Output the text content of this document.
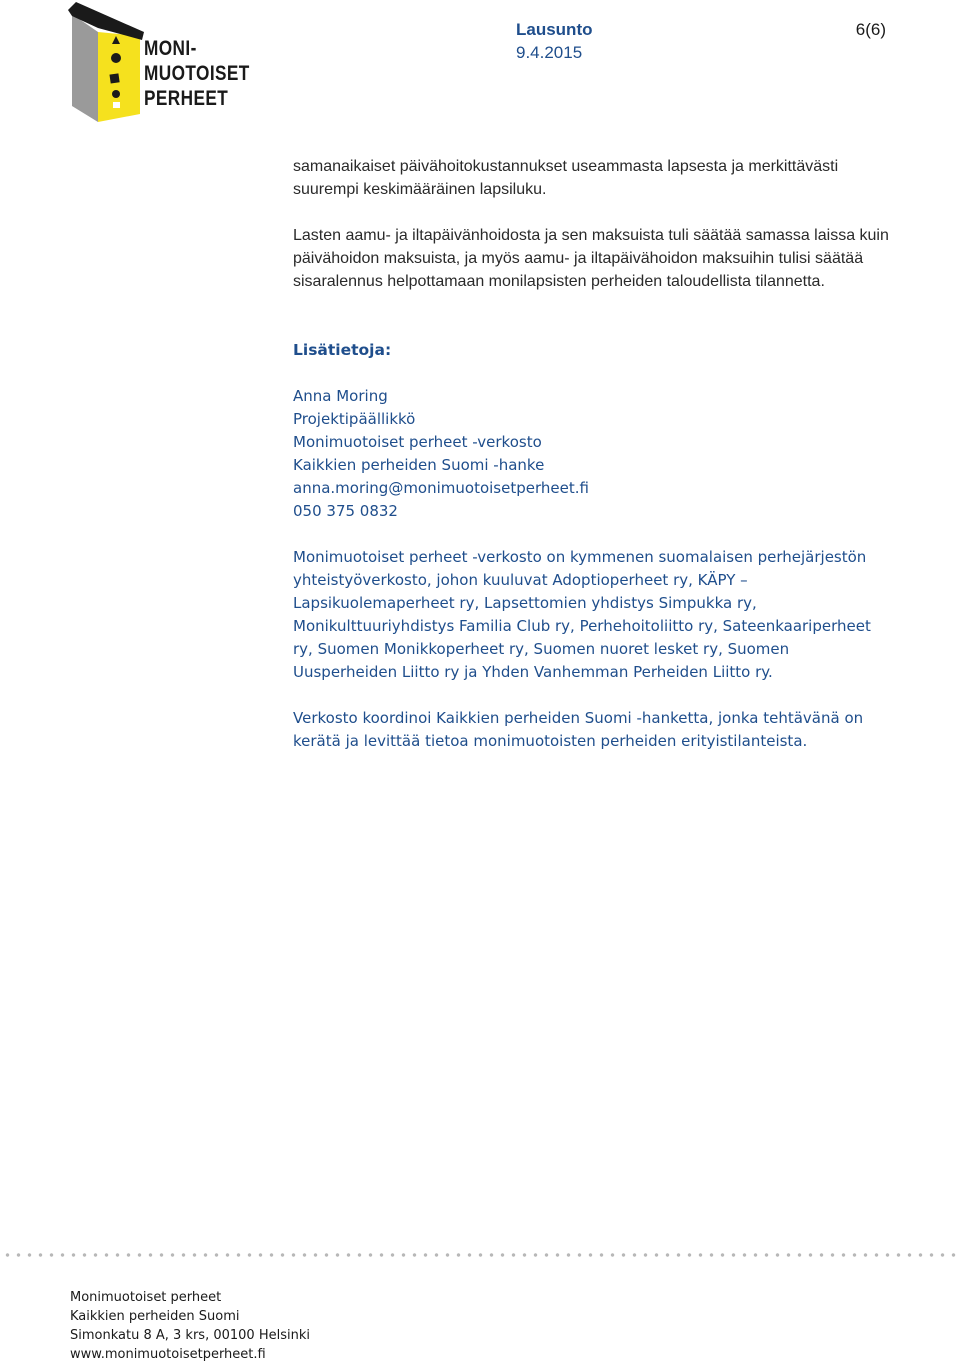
MONI-
MUOTOISET
PERHEET
Lausunto
9.4.2015
6(6)

samanaikaiset päivähoitokustannukset useammasta lapsesta ja merkittävästi suurempi keskimääräinen lapsiluku.

Lasten aamu- ja iltapäivänhoidosta ja sen maksuista tuli säätää samassa laissa kuin päivähoidon maksuista, ja myös aamu- ja iltapäivähoidon maksuihin tulisi säätää sisaralennus helpottamaan monilapsisten perheiden taloudellista tilannetta.

Lisätietoja:
Anna Moring
Projektipäällikkö
Monimuotoiset perheet -verkosto
Kaikkien perheiden Suomi -hanke
anna.moring@monimuotoisetperheet.fi
050 375 0832

Monimuotoiset perheet -verkosto on kymmenen suomalaisen perhejärjestön yhteistyöverkosto, johon kuuluvat Adoptioperheet ry, KÄPY – Lapsikuolemaperheet ry, Lapsettomien yhdistys Simpukka ry, Monikulttuuriyhdistys Familia Club ry, Perhehoitoliitto ry, Sateenkaariperheet ry, Suomen Monikkoperheet ry, Suomen nuoret lesket ry, Suomen Uusperheiden Liitto ry ja Yhden Vanhemman Perheiden Liitto ry.

Verkosto koordinoi Kaikkien perheiden Suomi -hanketta, jonka tehtävänä on kerätä ja levittää tietoa monimuotoisten perheiden erityistilanteista.

Monimuotoiset perheet
Kaikkien perheiden Suomi
Simonkatu 8 A, 3 krs, 00100 Helsinki
www.monimuotoisetperheet.fi
